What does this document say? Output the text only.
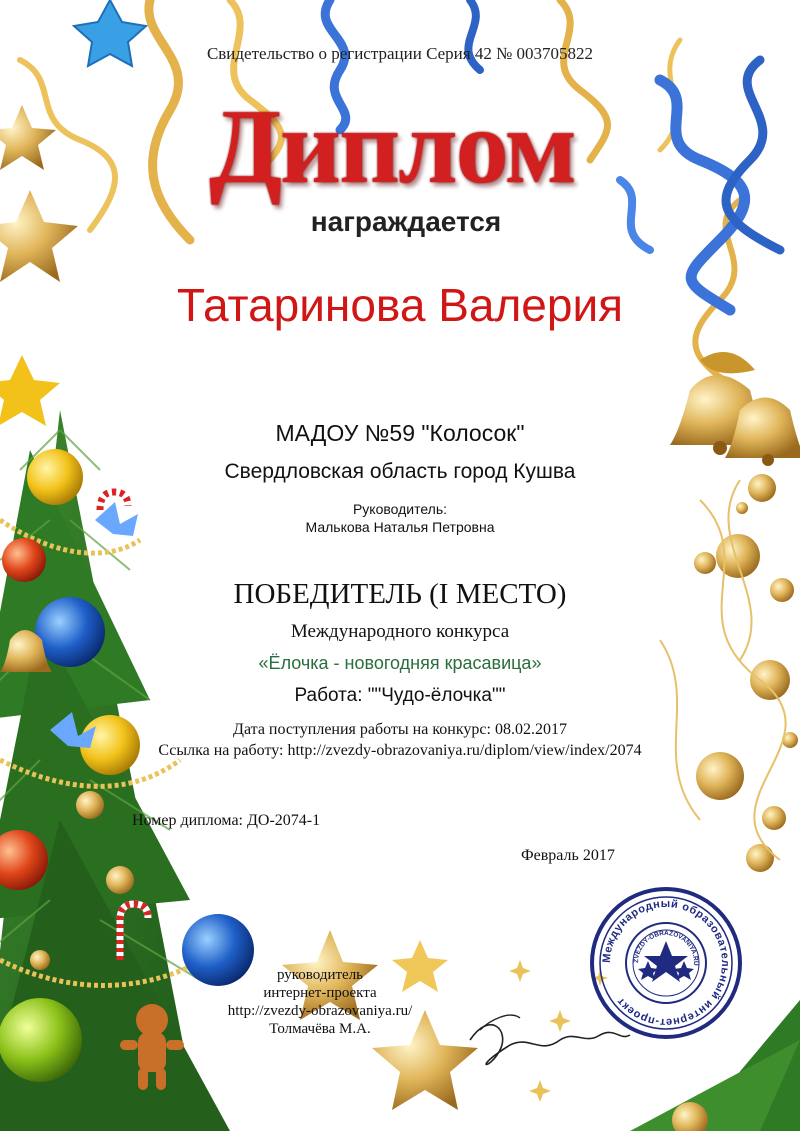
Международный образовательный интернет-проект
ZVEZDY-OBRAZOVANIYA.RU
Свидетельство о регистрации Серия 42 № 003705822
Диплом
награждается
Татаринова Валерия
МАДОУ №59 "Колосок"
Свердловская область город Кушва
Руководитель:
Малькова Наталья Петровна
ПОБЕДИТЕЛЬ (I МЕСТО)
Международного конкурса
«Ёлочка - новогодняя красавица»
Работа: ""Чудо-ёлочка""
Дата поступления работы на конкурс: 08.02.2017
Ссылка на работу: http://zvezdy-obrazovaniya.ru/diplom/view/index/2074
Номер диплома: ДО-2074-1
Февраль 2017
руководитель
интернет-проекта
http://zvezdy-obrazovaniya.ru/
Толмачёва М.А.
